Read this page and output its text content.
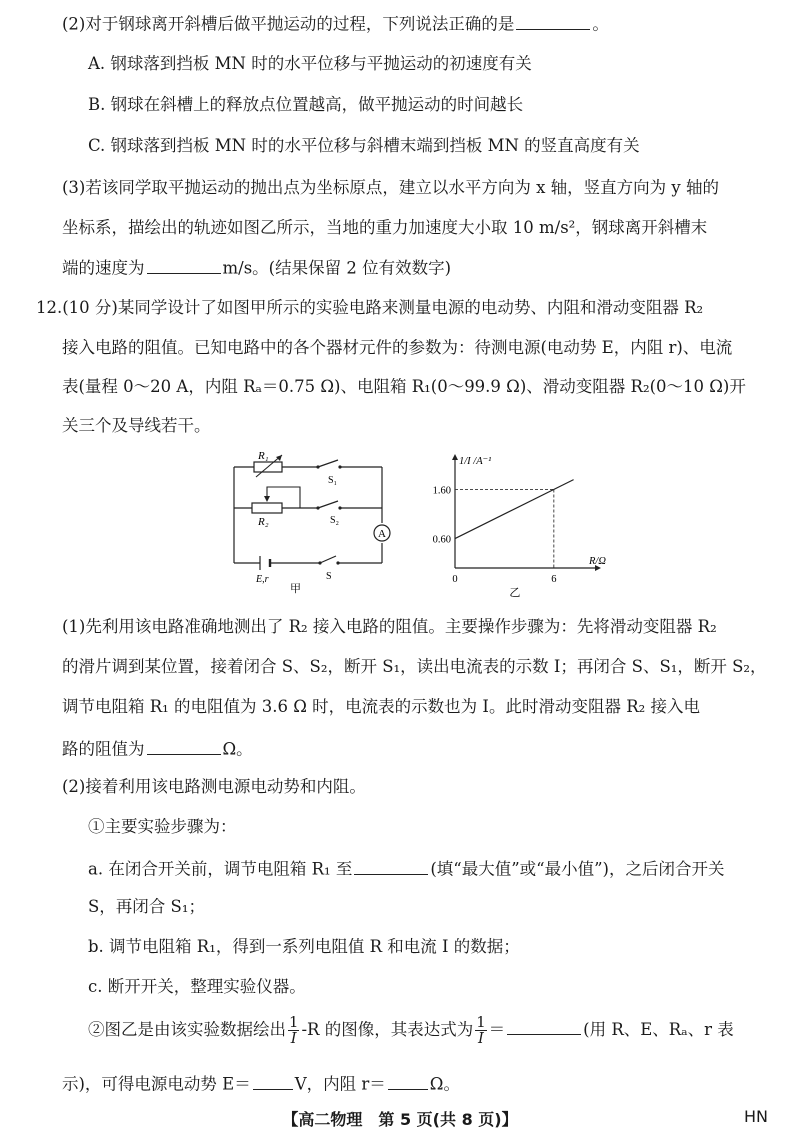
(2)对于钢球离开斜槽后做平抛运动的过程，下列说法正确的是	。
A. 钢球落到挡板 MN 时的水平位移与平抛运动的初速度有关
B. 钢球在斜槽上的释放点位置越高，做平抛运动的时间越长
C. 钢球落到挡板 MN 时的水平位移与斜槽末端到挡板 MN 的竖直高度有关
(3)若该同学取平抛运动的抛出点为坐标原点，建立以水平方向为 x 轴，竖直方向为 y 轴的
坐标系，描绘出的轨迹如图乙所示，当地的重力加速度大小取 10 m/s²，钢球离开斜槽末
端的速度为	m/s。(结果保留 2 位有效数字)
12.(10 分)某同学设计了如图甲所示的实验电路来测量电源的电动势、内阻和滑动变阻器 R₂
接入电路的阻值。已知电路中的各个器材元件的参数为：待测电源(电动势 E，内阻 r)、电流
表(量程 0～20 A，内阻 Rₐ＝0.75 Ω)、电阻箱 R₁(0～99.9 Ω)、滑动变阻器 R₂(0～10 Ω)开
关三个及导线若干。
R₁
S₁
R₂	S₂
A
E,r	S
甲
0.60
1.60
0	6
1/I /A⁻¹
R/Ω
乙
(1)先利用该电路准确地测出了 R₂ 接入电路的阻值。主要操作步骤为：先将滑动变阻器 R₂
的滑片调到某位置，接着闭合 S、S₂，断开 S₁，读出电流表的示数 I；再闭合 S、S₁，断开 S₂，
调节电阻箱 R₁ 的电阻值为 3.6 Ω 时，电流表的示数也为 I。此时滑动变阻器 R₂ 接入电
路的阻值为	Ω。
(2)接着利用该电路测电源电动势和内阻。
①主要实验步骤为：
a. 在闭合开关前，调节电阻箱 R₁ 至	(填“最大值”或“最小值”)，之后闭合开关
S，再闭合 S₁；
b. 调节电阻箱 R₁，得到一系列电阻值 R 和电流 I 的数据；
c. 断开开关，整理实验仪器。
②图乙是由该实验数据绘出 $\frac{1}{I} -R$ 的图像，其表达式为 $\frac{1}{I}$ ＝	(用 R、E、Rₐ、r 表
示)，可得电源电动势 E＝	V，内阻 r＝	Ω。
【高二物理　第 5 页(共 8 页)】	HN
